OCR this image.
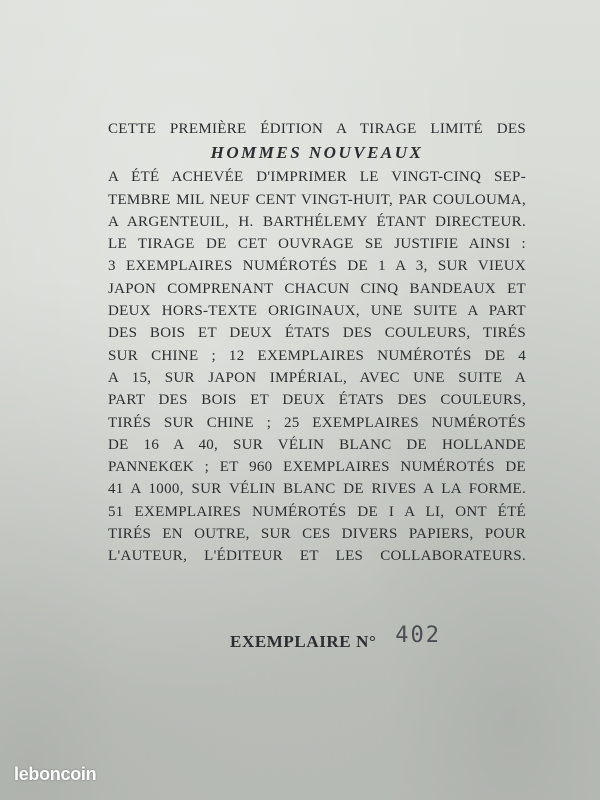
CETTE PREMIÈRE ÉDITION A TIRAGE LIMITÉ DES
HOMMES NOUVEAUX
A ÉTÉ ACHEVÉE D'IMPRIMER LE VINGT-CINQ SEP-
TEMBRE MIL NEUF CENT VINGT-HUIT, PAR COULOUMA,
A ARGENTEUIL, H. BARTHÉLEMY ÉTANT DIRECTEUR.
LE TIRAGE DE CET OUVRAGE SE JUSTIFIE AINSI :
3 EXEMPLAIRES NUMÉROTÉS DE 1 A 3, SUR VIEUX
JAPON COMPRENANT CHACUN CINQ BANDEAUX ET
DEUX HORS-TEXTE ORIGINAUX, UNE SUITE A PART
DES BOIS ET DEUX ÉTATS DES COULEURS, TIRÉS
SUR CHINE ; 12 EXEMPLAIRES NUMÉROTÉS DE 4
A 15, SUR JAPON IMPÉRIAL, AVEC UNE SUITE A
PART DES BOIS ET DEUX ÉTATS DES COULEURS,
TIRÉS SUR CHINE ; 25 EXEMPLAIRES NUMÉROTÉS
DE 16 A 40, SUR VÉLIN BLANC DE HOLLANDE
PANNEKŒK ; ET 960 EXEMPLAIRES NUMÉROTÉS DE
41 A 1000, SUR VÉLIN BLANC DE RIVES A LA FORME.
51 EXEMPLAIRES NUMÉROTÉS DE I A LI, ONT ÉTÉ
TIRÉS EN OUTRE, SUR CES DIVERS PAPIERS, POUR
L'AUTEUR, L'ÉDITEUR ET LES COLLABORATEURS.
EXEMPLAIRE N° 402
leboncoin
